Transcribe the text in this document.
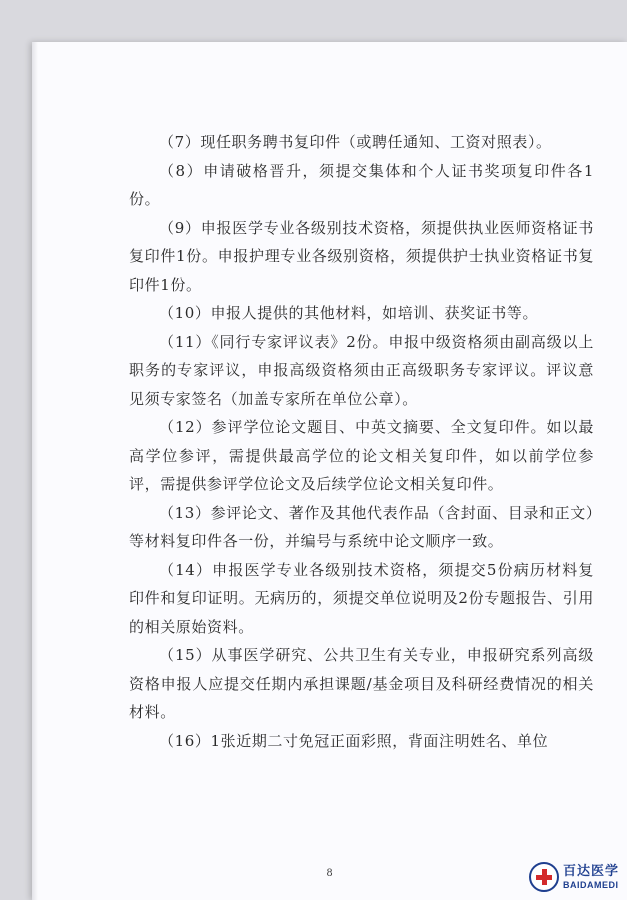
（7）现任职务聘书复印件（或聘任通知、工资对照表）。

（8）申请破格晋升，须提交集体和个人证书奖项复印件各1份。

（9）申报医学专业各级别技术资格，须提供执业医师资格证书复印件1份。申报护理专业各级别资格，须提供护士执业资格证书复印件1份。

（10）申报人提供的其他材料，如培训、获奖证书等。

（11）《同行专家评议表》2份。申报中级资格须由副高级以上职务的专家评议，申报高级资格须由正高级职务专家评议。评议意见须专家签名（加盖专家所在单位公章）。

（12）参评学位论文题目、中英文摘要、全文复印件。如以最高学位参评，需提供最高学位的论文相关复印件，如以前学位参评，需提供参评学位论文及后续学位论文相关复印件。

（13）参评论文、著作及其他代表作品（含封面、目录和正文）等材料复印件各一份，并编号与系统中论文顺序一致。

（14）申报医学专业各级别技术资格，须提交5份病历材料复印件和复印证明。无病历的，须提交单位说明及2份专题报告、引用的相关原始资料。

（15）从事医学研究、公共卫生有关专业，申报研究系列高级资格申报人应提交任期内承担课题/基金项目及科研经费情况的相关材料。

（16）1张近期二寸免冠正面彩照，背面注明姓名、单位

8	百达医学
BAIDAMEDI
